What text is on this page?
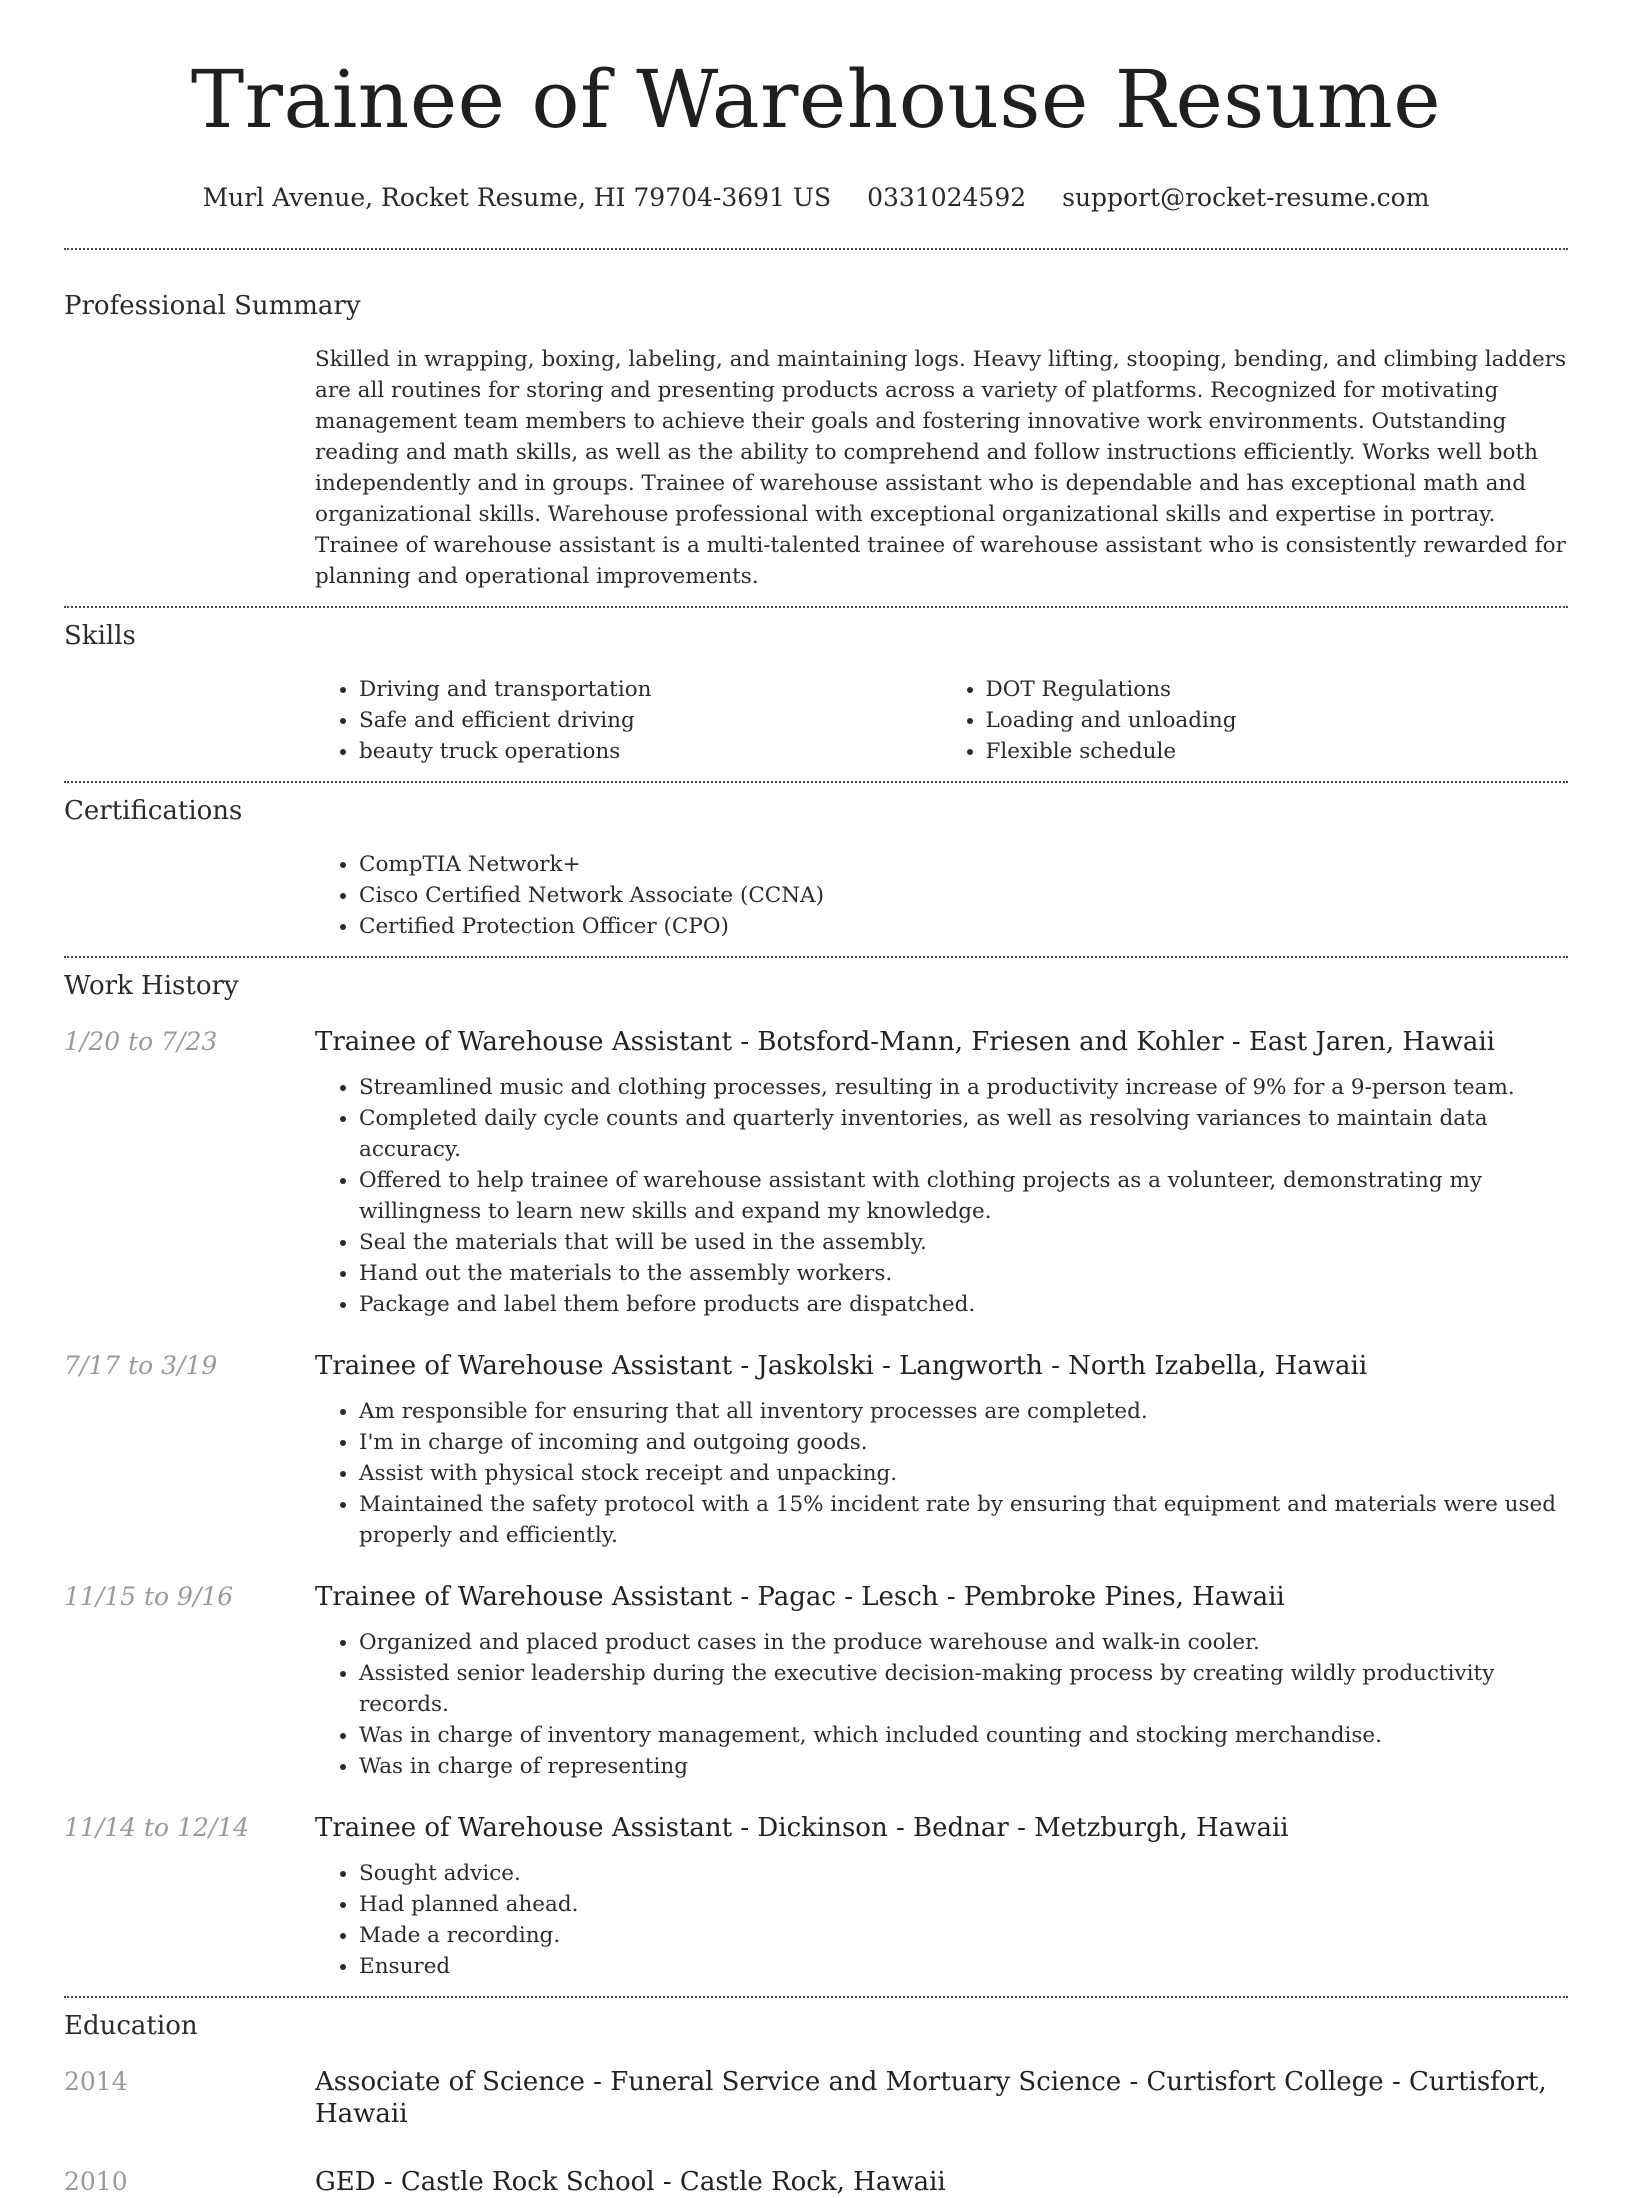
Trainee of Warehouse Resume
Murl Avenue, Rocket Resume, HI 79704-3691 US 0331024592 support@rocket-resume.com
Professional Summary

Skilled in wrapping, boxing, labeling, and maintaining logs. Heavy lifting, stooping, bending, and climbing ladders are all routines for storing and presenting products across a variety of platforms. Recognized for motivating management team members to achieve their goals and fostering innovative work environments. Outstanding reading and math skills, as well as the ability to comprehend and follow instructions efficiently. Works well both independently and in groups. Trainee of warehouse assistant who is dependable and has exceptional math and organizational skills. Warehouse professional with exceptional organizational skills and expertise in portray. Trainee of warehouse assistant is a multi-talented trainee of warehouse assistant who is consistently rewarded for planning and operational improvements.

Skills
• Driving and transportation
• Safe and efficient driving
• beauty truck operations
• DOT Regulations
• Loading and unloading
• Flexible schedule
Certifications
• CompTIA Network+
• Cisco Certified Network Associate (CCNA)
• Certified Protection Officer (CPO)
Work History
1/20 to 7/23	Trainee of Warehouse Assistant - Botsford-Mann, Friesen and Kohler - East Jaren, Hawaii

• Streamlined music and clothing processes, resulting in a productivity increase of 9% for a 9-person team.
• Completed daily cycle counts and quarterly inventories, as well as resolving variances to maintain data accuracy.
• Offered to help trainee of warehouse assistant with clothing projects as a volunteer, demonstrating my willingness to learn new skills and expand my knowledge.
• Seal the materials that will be used in the assembly.
• Hand out the materials to the assembly workers.
• Package and label them before products are dispatched.
7/17 to 3/19	Trainee of Warehouse Assistant - Jaskolski - Langworth - North Izabella, Hawaii

• Am responsible for ensuring that all inventory processes are completed.
• I'm in charge of incoming and outgoing goods.
• Assist with physical stock receipt and unpacking.
• Maintained the safety protocol with a 15% incident rate by ensuring that equipment and materials were used properly and efficiently.
11/15 to 9/16	Trainee of Warehouse Assistant - Pagac - Lesch - Pembroke Pines, Hawaii

• Organized and placed product cases in the produce warehouse and walk-in cooler.
• Assisted senior leadership during the executive decision-making process by creating wildly productivity records.
• Was in charge of inventory management, which included counting and stocking merchandise.
• Was in charge of representing
11/14 to 12/14	Trainee of Warehouse Assistant - Dickinson - Bednar - Metzburgh, Hawaii

• Sought advice.
• Had planned ahead.
• Made a recording.
• Ensured
Education
2014	Associate of Science - Funeral Service and Mortuary Science - Curtisfort College - Curtisfort, Hawaii

2010	GED - Castle Rock School - Castle Rock, Hawaii
